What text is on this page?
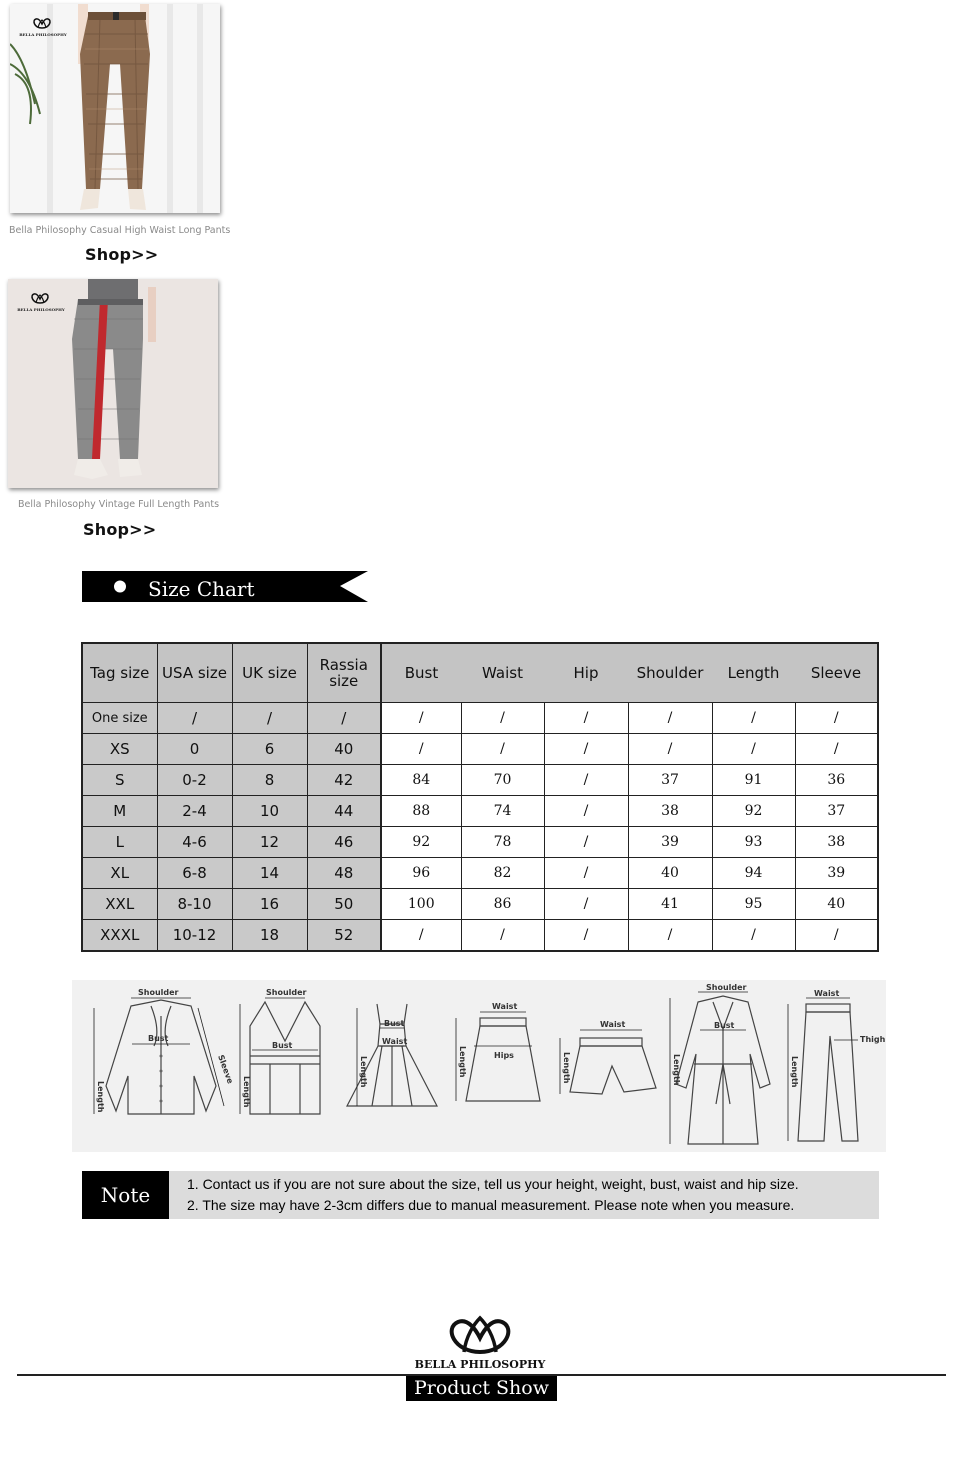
BELLA PHILOSOPHY
Bella Philosophy Casual High Waist Long Pants
Shop>>
BELLA PHILOSOPHY
Bella Philosophy Vintage Full Length Pants
Shop>>
Size Chart
Tag size	USA size	UK size	Rassia size	Bust	Waist	Hip	Shoulder	Length	Sleeve
One size	/	/	/	/	/	/	/	/	/
XS	0	6	40	/	/	/	/	/	/
S	0-2	8	42	84	70	/	37	91	36
M	2-4	10	44	88	74	/	38	92	37
L	4-6	12	46	92	78	/	39	93	38
XL	6-8	14	48	96	82	/	40	94	39
XXL	8-10	16	50	100	86	/	41	95	40
XXXL	10-12	18	52	/	/	/	/	/	/
Shoulder
Bust
Length
Sleeve
Shoulder
Bust
Length
Bust
Waist
Length
Waist
Hips
Length
Waist
Length
Shoulder
Bust
Length
Waist
Thigh
Length
Note	1. Contact us if you are not sure about the size, tell us your height, weight, bust, waist and hip size.
2. The size may have 2-3cm differs due to manual measurement. Please note when you measure.
BELLA PHILOSOPHY
Product Show
